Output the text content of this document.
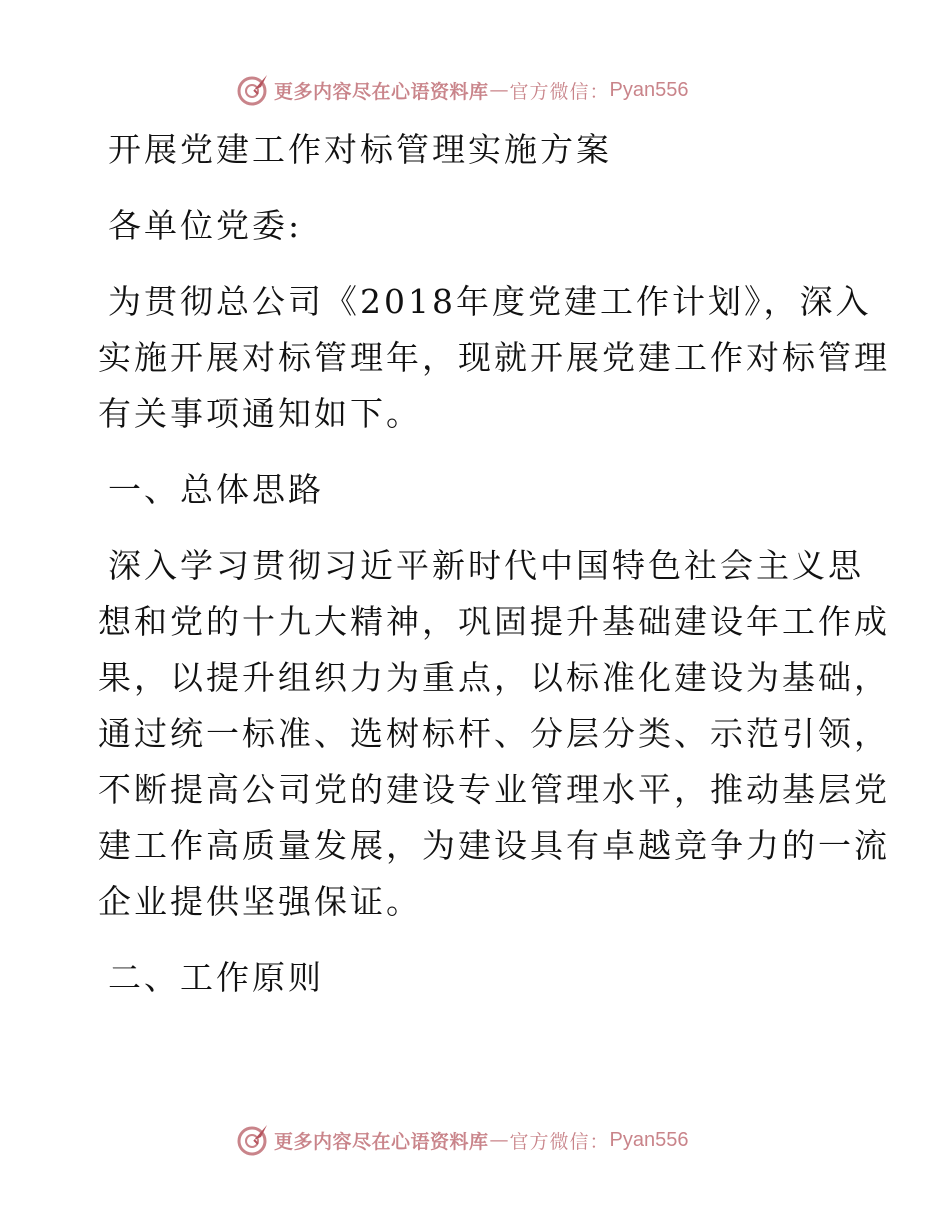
更多内容尽在心语资料库 — 官方微信： Pyan556
开展党建工作对标管理实施方案
各单位党委:
为贯彻总公司《2018年度党建工作计划》，深入
实施开展对标管理年，现就开展党建工作对标管理
有关事项通知如下。
一、总体思路
深入学习贯彻习近平新时代中国特色社会主义思
想和党的十九大精神，巩固提升基础建设年工作成
果，以提升组织力为重点，以标准化建设为基础，
通过统一标准、选树标杆、分层分类、示范引领，
不断提高公司党的建设专业管理水平，推动基层党
建工作高质量发展，为建设具有卓越竞争力的一流
企业提供坚强保证。
二、工作原则
更多内容尽在心语资料库 — 官方微信： Pyan556
